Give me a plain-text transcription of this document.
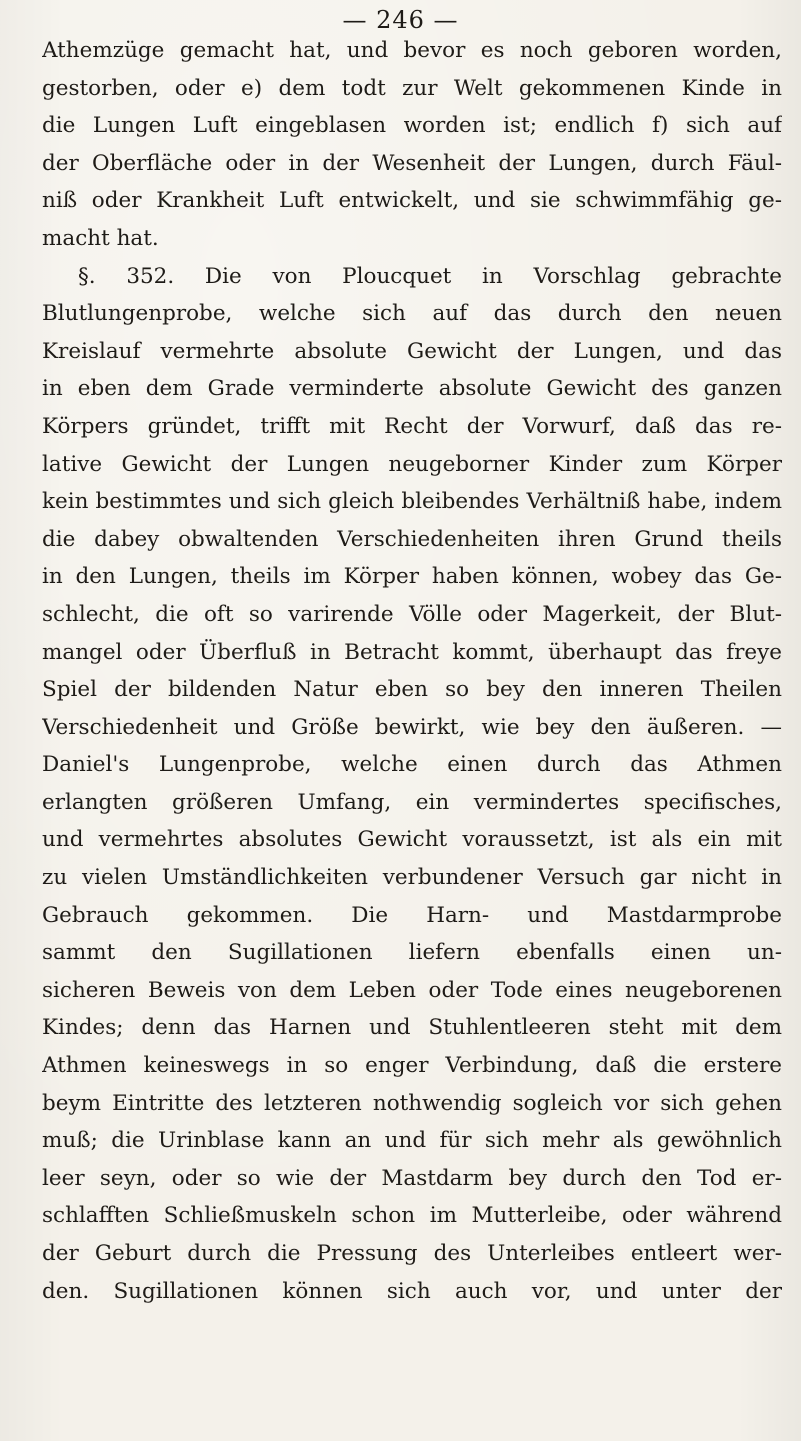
— 246 —
Athemzüge gemacht hat, und bevor es noch geboren worden,
gestorben, oder e) dem todt zur Welt gekommenen Kinde in
die Lungen Luft eingeblasen worden ist; endlich f) sich auf
der Oberfläche oder in der Wesenheit der Lungen, durch Fäul-
niß oder Krankheit Luft entwickelt, und sie schwimmfähig ge-
macht hat.
§. 352. Die von Ploucquet in Vorschlag gebrachte
Blutlungenprobe, welche sich auf das durch den neuen
Kreislauf vermehrte absolute Gewicht der Lungen, und das
in eben dem Grade verminderte absolute Gewicht des ganzen
Körpers gründet, trifft mit Recht der Vorwurf, daß das re-
lative Gewicht der Lungen neugeborner Kinder zum Körper
kein bestimmtes und sich gleich bleibendes Verhältniß habe, indem
die dabey obwaltenden Verschiedenheiten ihren Grund theils
in den Lungen, theils im Körper haben können, wobey das Ge-
schlecht, die oft so varirende Völle oder Magerkeit, der Blut-
mangel oder Überfluß in Betracht kommt, überhaupt das freye
Spiel der bildenden Natur eben so bey den inneren Theilen
Verschiedenheit und Größe bewirkt, wie bey den äußeren. —
Daniel's Lungenprobe, welche einen durch das Athmen
erlangten größeren Umfang, ein vermindertes specifisches,
und vermehrtes absolutes Gewicht voraussetzt, ist als ein mit
zu vielen Umständlichkeiten verbundener Versuch gar nicht in
Gebrauch gekommen. Die Harn- und Mastdarmprobe
sammt den Sugillationen liefern ebenfalls einen un-
sicheren Beweis von dem Leben oder Tode eines neugeborenen
Kindes; denn das Harnen und Stuhlentleeren steht mit dem
Athmen keineswegs in so enger Verbindung, daß die erstere
beym Eintritte des letzteren nothwendig sogleich vor sich gehen
muß; die Urinblase kann an und für sich mehr als gewöhnlich
leer seyn, oder so wie der Mastdarm bey durch den Tod er-
schlafften Schließmuskeln schon im Mutterleibe, oder während
der Geburt durch die Pressung des Unterleibes entleert wer-
den. Sugillationen können sich auch vor, und unter der
